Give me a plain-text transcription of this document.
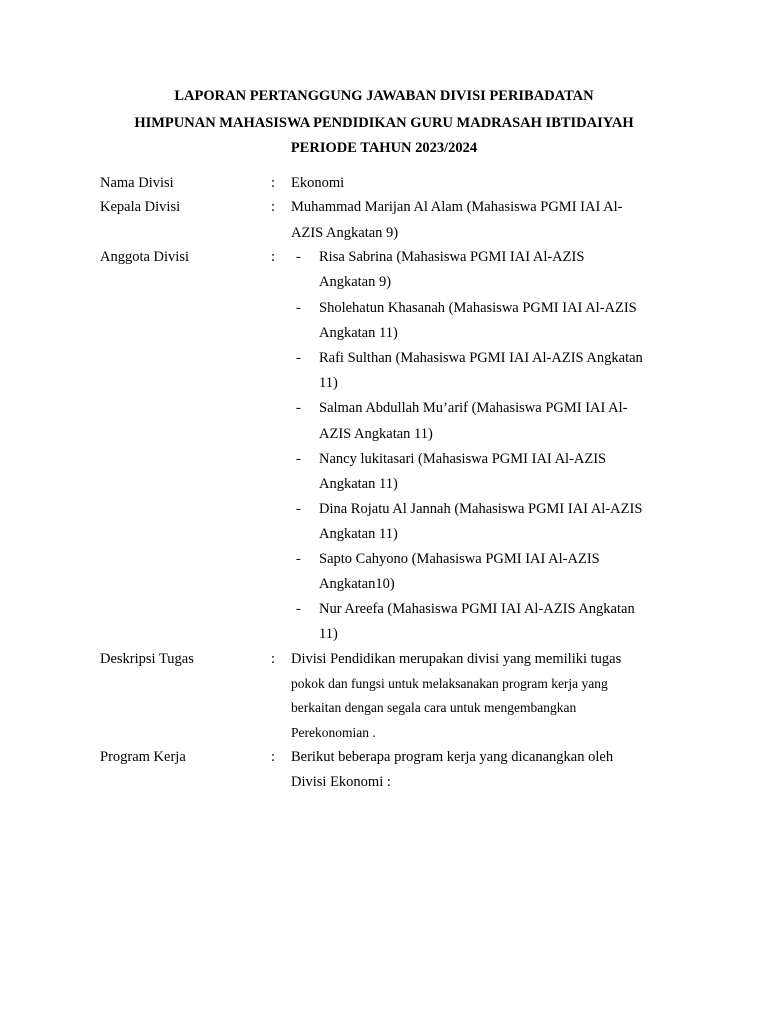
LAPORAN PERTANGGUNG JAWABAN DIVISI PERIBADATAN
HIMPUNAN MAHASISWA PENDIDIKAN GURU MADRASAH IBTIDAIYAH
PERIODE TAHUN 2023/2024
Nama Divisi	: Ekonomi
Kepala Divisi	: Muhammad Marijan Al Alam (Mahasiswa PGMI IAI Al-
AZIS Angkatan 9)
Anggota Divisi	: - Risa Sabrina (Mahasiswa PGMI IAI Al-AZIS
Angkatan 9)
- Sholehatun Khasanah (Mahasiswa PGMI IAI Al-AZIS
Angkatan 11)
- Rafi Sulthan (Mahasiswa PGMI IAI Al-AZIS Angkatan
11)
- Salman Abdullah Mu’arif (Mahasiswa PGMI IAI Al-
AZIS Angkatan 11)
- Nancy lukitasari (Mahasiswa PGMI IAI Al-AZIS
Angkatan 11)
- Dina Rojatu Al Jannah (Mahasiswa PGMI IAI Al-AZIS
Angkatan 11)
- Sapto Cahyono (Mahasiswa PGMI IAI Al-AZIS
Angkatan10)
- Nur Areefa (Mahasiswa PGMI IAI Al-AZIS Angkatan
11)
Deskripsi Tugas	: Divisi Pendidikan merupakan divisi yang memiliki tugas
pokok dan fungsi untuk melaksanakan program kerja yang
berkaitan dengan segala cara untuk mengembangkan
Perekonomian .
Program Kerja	: Berikut beberapa program kerja yang dicanangkan oleh
Divisi Ekonomi :
